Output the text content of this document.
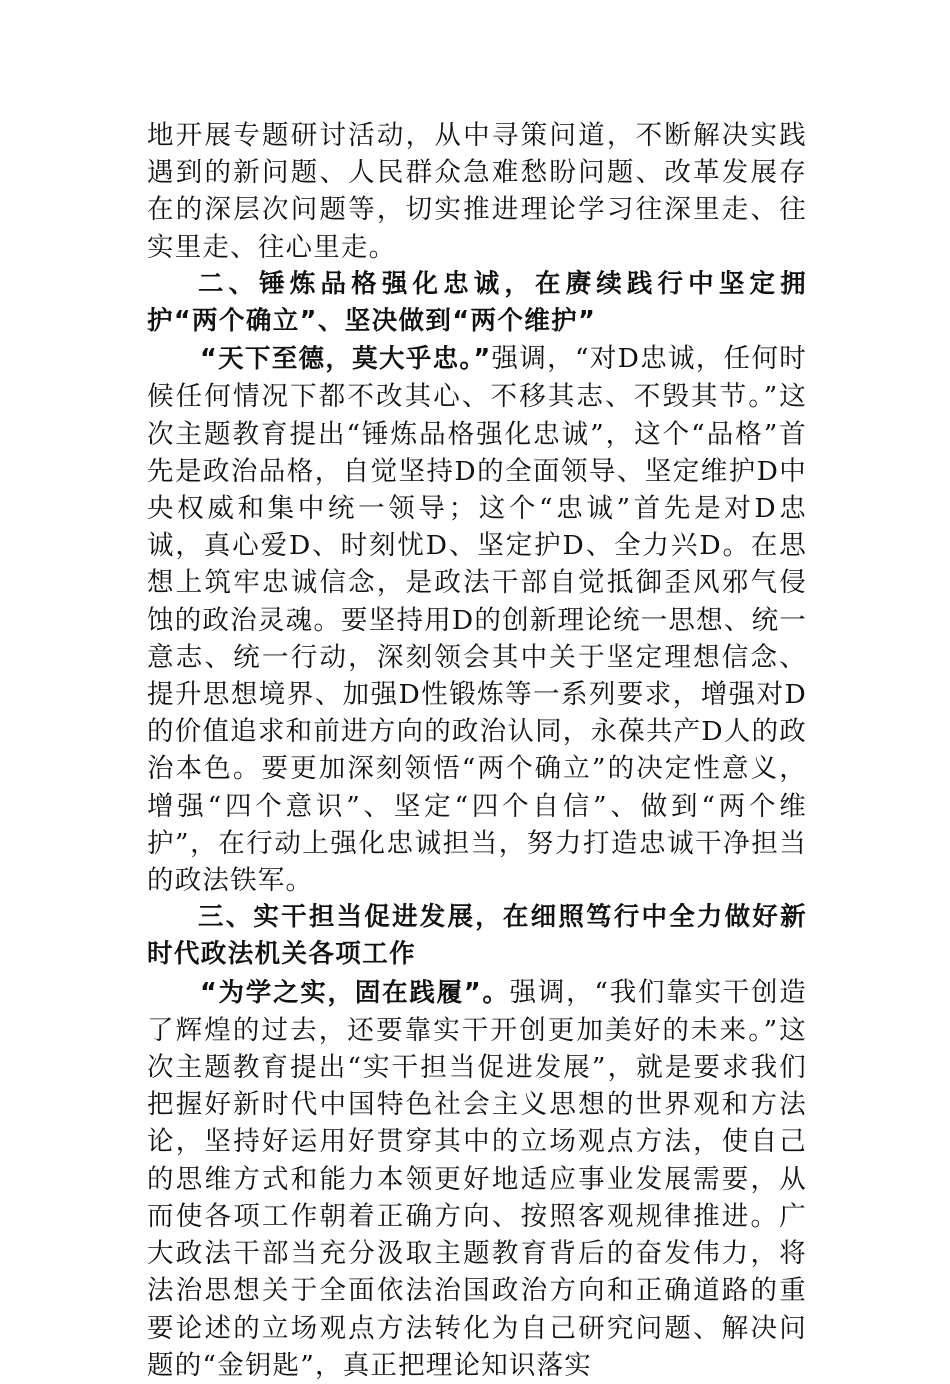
地开展专题研讨活动，从中寻策问道，不断解决实践遇到的新问题、人民群众急难愁盼问题、改革发展存在的深层次问题等，切实推进理论学习往深里走、往实里走、往心里走。

二、锤炼品格强化忠诚，在赓续践行中坚定拥护“两个确立”、坚决做到“两个维护”

“天下至德，莫大乎忠。”强调，“对D忠诚，任何时候任何情况下都不改其心、不移其志、不毁其节。”这次主题教育提出“锤炼品格强化忠诚”，这个“品格”首先是政治品格，自觉坚持D的全面领导、坚定维护D中央权威和集中统一领导；这个“忠诚”首先是对D忠诚，真心爱D、时刻忧D、坚定护D、全力兴D。在思想上筑牢忠诚信念，是政法干部自觉抵御歪风邪气侵蚀的政治灵魂。要坚持用D的创新理论统一思想、统一意志、统一行动，深刻领会其中关于坚定理想信念、提升思想境界、加强D性锻炼等一系列要求，增强对D的价值追求和前进方向的政治认同，永葆共产D人的政治本色。要更加深刻领悟“两个确立”的决定性意义，增强“四个意识”、坚定“四个自信”、做到“两个维护”，在行动上强化忠诚担当，努力打造忠诚干净担当的政法铁军。

三、实干担当促进发展，在细照笃行中全力做好新时代政法机关各项工作

“为学之实，固在践履”。强调，“我们靠实干创造了辉煌的过去，还要靠实干开创更加美好的未来。”这次主题教育提出“实干担当促进发展”，就是要求我们把握好新时代中国特色社会主义思想的世界观和方法论，坚持好运用好贯穿其中的立场观点方法，使自己的思维方式和能力本领更好地适应事业发展需要，从而使各项工作朝着正确方向、按照客观规律推进。广大政法干部当充分汲取主题教育背后的奋发伟力，将法治思想关于全面依法治国政治方向和正确道路的重要论述的立场观点方法转化为自己研究问题、解决问题的“金钥匙”，真正把理论知识落实
